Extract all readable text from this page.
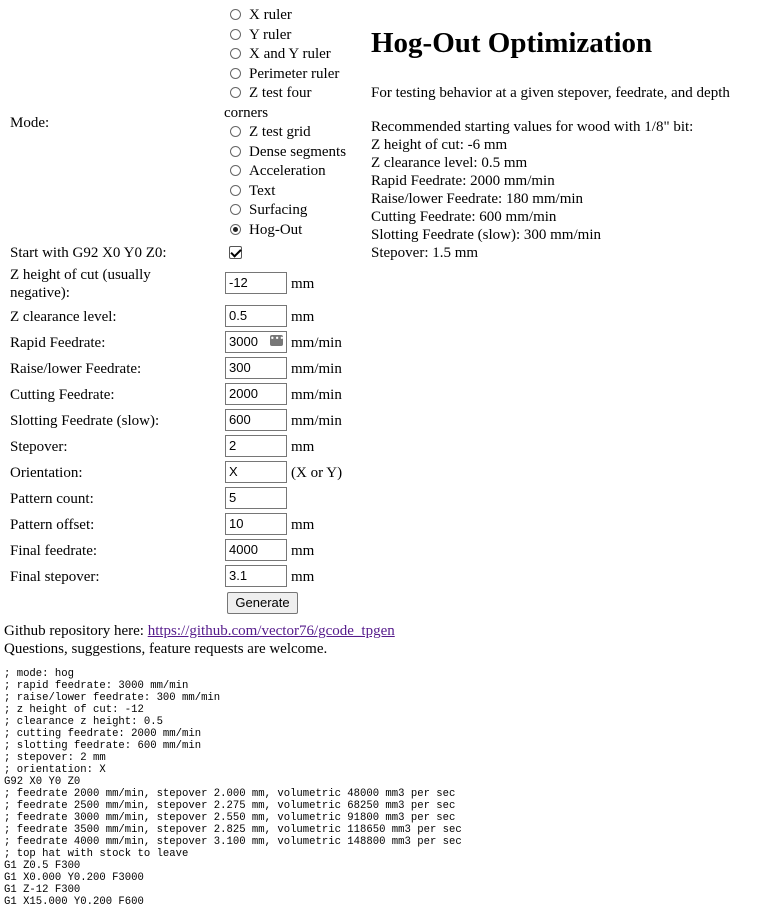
Mode:
X ruler
Y ruler
X and Y ruler
Perimeter ruler
Z test four
corners
Z test grid
Dense segments
Acceleration
Text
Surfacing
Hog-Out
Start with G92 X0 Y0 Z0:
Z height of cut (usually
negative):
-12	mm
Z clearance level:	0.5	mm
Rapid Feedrate:	3000	••• mm/min
Raise/lower Feedrate:	300	mm/min
Cutting Feedrate:	2000	mm/min
Slotting Feedrate (slow):	600	mm/min
Stepover:	2	mm
Orientation:	X	(X or Y)
Pattern count:	5
Pattern offset:	10	mm
Final feedrate:	4000	mm
Final stepover:	3.1	mm
Generate
Hog-Out Optimization
For testing behavior at a given stepover, feedrate, and depth
Recommended starting values for wood with 1/8" bit:
Z height of cut: -6 mm
Z clearance level: 0.5 mm
Rapid Feedrate: 2000 mm/min
Raise/lower Feedrate: 180 mm/min
Cutting Feedrate: 600 mm/min
Slotting Feedrate (slow): 300 mm/min
Stepover: 1.5 mm
Github repository here: https://github.com/vector76/gcode_tpgen
Questions, suggestions, feature requests are welcome.
; mode: hog
; rapid feedrate: 3000 mm/min
; raise/lower feedrate: 300 mm/min
; z height of cut: -12
; clearance z height: 0.5
; cutting feedrate: 2000 mm/min
; slotting feedrate: 600 mm/min
; stepover: 2 mm
; orientation: X
G92 X0 Y0 Z0
; feedrate 2000 mm/min, stepover 2.000 mm, volumetric 48000 mm3 per sec
; feedrate 2500 mm/min, stepover 2.275 mm, volumetric 68250 mm3 per sec
; feedrate 3000 mm/min, stepover 2.550 mm, volumetric 91800 mm3 per sec
; feedrate 3500 mm/min, stepover 2.825 mm, volumetric 118650 mm3 per sec
; feedrate 4000 mm/min, stepover 3.100 mm, volumetric 148800 mm3 per sec
; top hat with stock to leave
G1 Z0.5 F300
G1 X0.000 Y0.200 F3000
G1 Z-12 F300
G1 X15.000 Y0.200 F600
